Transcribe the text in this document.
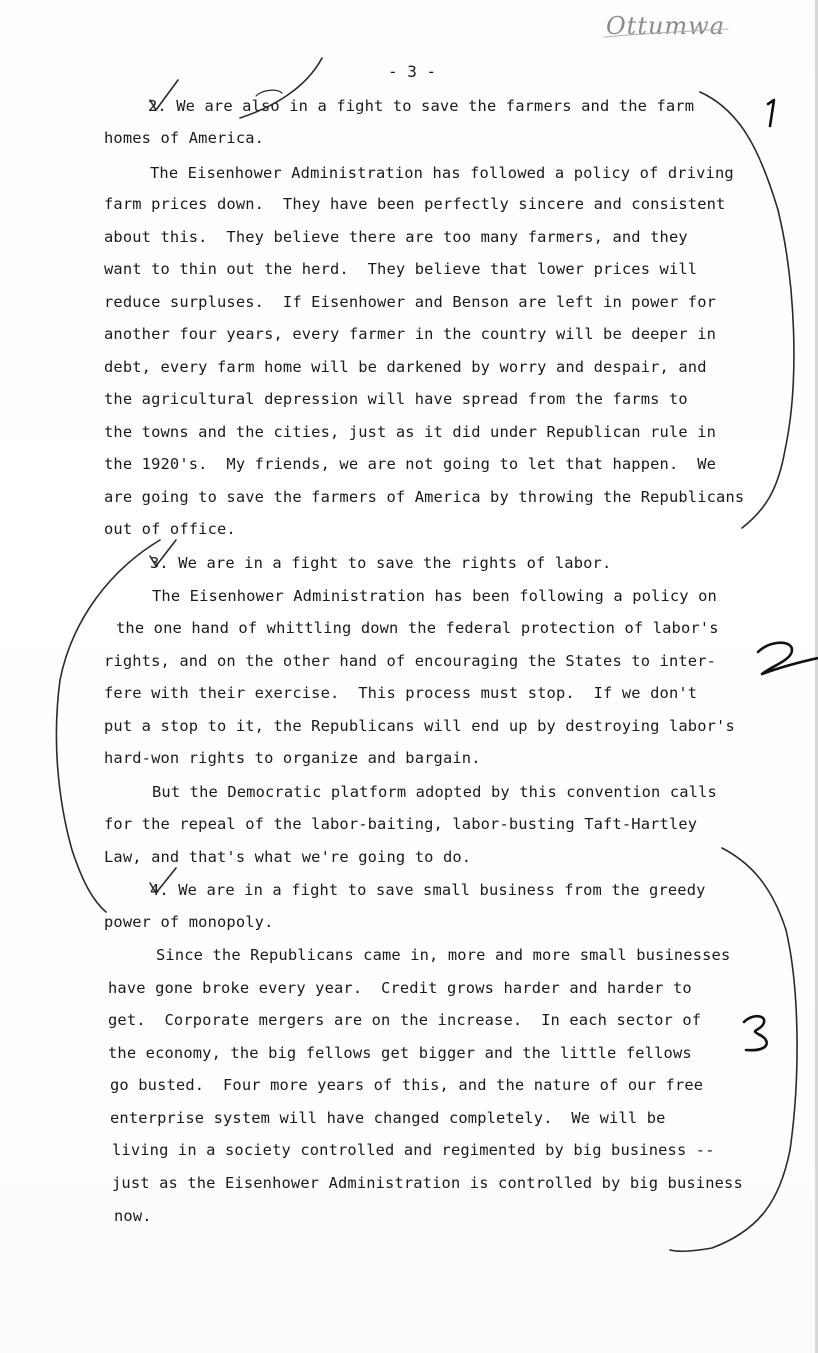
Ottumwa
- 3 -
2. We are also in a fight to save the farmers and the farm
homes of America.
The Eisenhower Administration has followed a policy of driving
farm prices down.  They have been perfectly sincere and consistent
about this.  They believe there are too many farmers, and they
want to thin out the herd.  They believe that lower prices will
reduce surpluses.  If Eisenhower and Benson are left in power for
another four years, every farmer in the country will be deeper in
debt, every farm home will be darkened by worry and despair, and
the agricultural depression will have spread from the farms to
the towns and the cities, just as it did under Republican rule in
the 1920's.  My friends, we are not going to let that happen.  We
are going to save the farmers of America by throwing the Republicans
out of office.
3. We are in a fight to save the rights of labor.
The Eisenhower Administration has been following a policy on
the one hand of whittling down the federal protection of labor's
rights, and on the other hand of encouraging the States to inter-
fere with their exercise.  This process must stop.  If we don't
put a stop to it, the Republicans will end up by destroying labor's
hard-won rights to organize and bargain.
But the Democratic platform adopted by this convention calls
for the repeal of the labor-baiting, labor-busting Taft-Hartley
Law, and that's what we're going to do.
4. We are in a fight to save small business from the greedy
power of monopoly.
Since the Republicans came in, more and more small businesses
have gone broke every year.  Credit grows harder and harder to
get.  Corporate mergers are on the increase.  In each sector of
the economy, the big fellows get bigger and the little fellows
go busted.  Four more years of this, and the nature of our free
enterprise system will have changed completely.  We will be
living in a society controlled and regimented by big business --
just as the Eisenhower Administration is controlled by big business
now.
